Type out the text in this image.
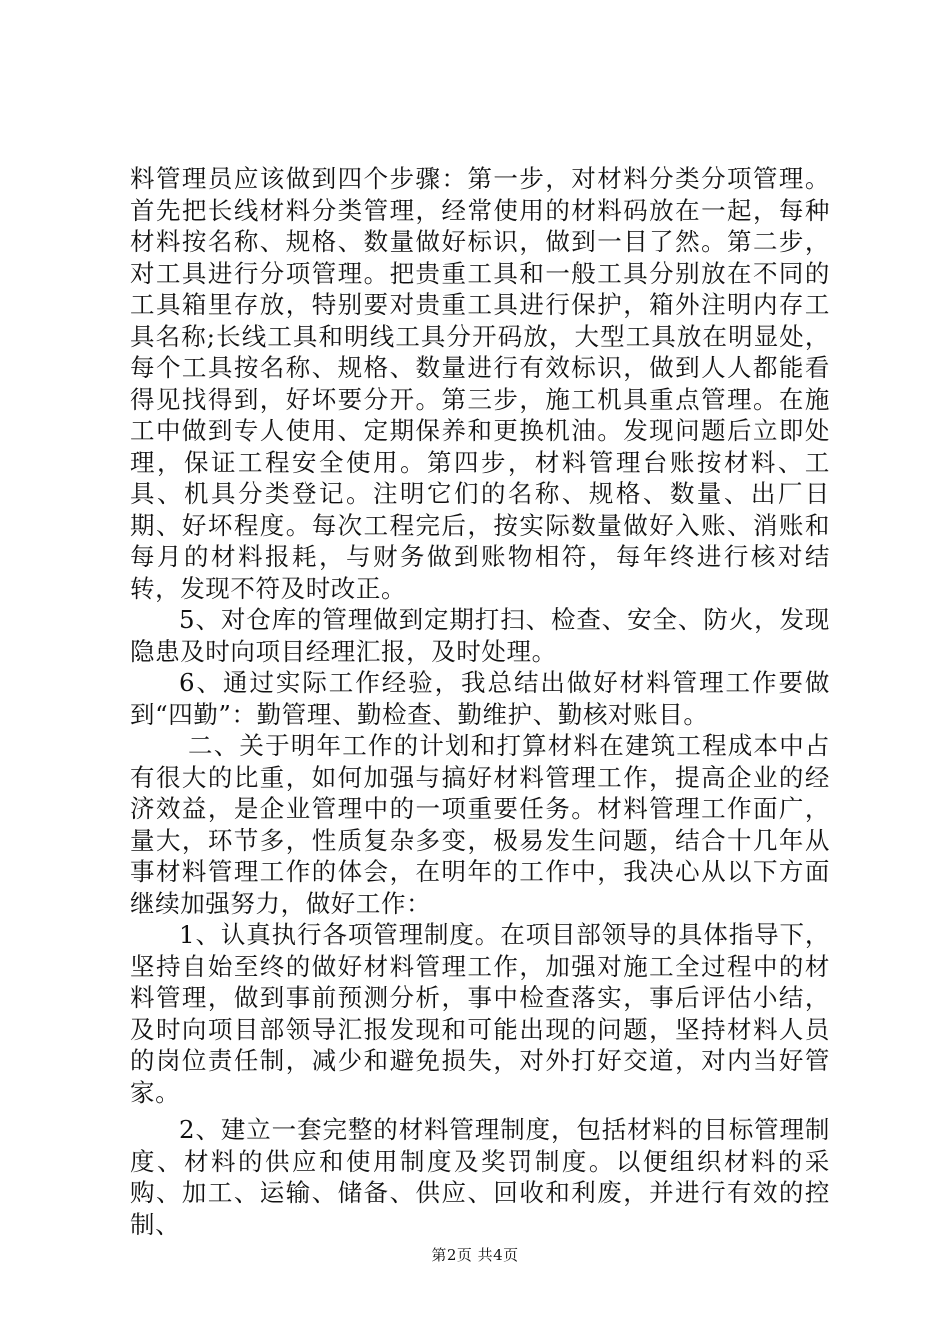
料管理员应该做到四个步骤：第一步，对材料分类分项管理。首先把长线材料分类管理，经常使用的材料码放在一起，每种材料按名称、规格、数量做好标识，做到一目了然。第二步，对工具进行分项管理。把贵重工具和一般工具分别放在不同的工具箱里存放，特别要对贵重工具进行保护，箱外注明内存工具名称;长线工具和明线工具分开码放，大型工具放在明显处，每个工具按名称、规格、数量进行有效标识，做到人人都能看得见找得到，好坏要分开。第三步，施工机具重点管理。在施工中做到专人使用、定期保养和更换机油。发现问题后立即处理，保证工程安全使用。第四步，材料管理台账按材料、工具、机具分类登记。注明它们的名称、规格、数量、出厂日期、好坏程度。每次工程完后，按实际数量做好入账、消账和每月的材料报耗，与财务做到账物相符，每年终进行核对结转，发现不符及时改正。

5、对仓库的管理做到定期打扫、检查、安全、防火，发现隐患及时向项目经理汇报，及时处理。

6、通过实际工作经验，我总结出做好材料管理工作要做到“四勤”：勤管理、勤检查、勤维护、勤核对账目。

二、关于明年工作的计划和打算材料在建筑工程成本中占有很大的比重，如何加强与搞好材料管理工作，提高企业的经济效益，是企业管理中的一项重要任务。材料管理工作面广，量大，环节多，性质复杂多变，极易发生问题，结合十几年从事材料管理工作的体会，在明年的工作中，我决心从以下方面继续加强努力，做好工作：

1、认真执行各项管理制度。在项目部领导的具体指导下，坚持自始至终的做好材料管理工作，加强对施工全过程中的材料管理，做到事前预测分析，事中检查落实，事后评估小结，及时向项目部领导汇报发现和可能出现的问题，坚持材料人员的岗位责任制，减少和避免损失，对外打好交道，对内当好管家。

2、建立一套完整的材料管理制度，包括材料的目标管理制度、材料的供应和使用制度及奖罚制度。以便组织材料的采购、加工、运输、储备、供应、回收和利废，并进行有效的控制、

第2页 共4页
